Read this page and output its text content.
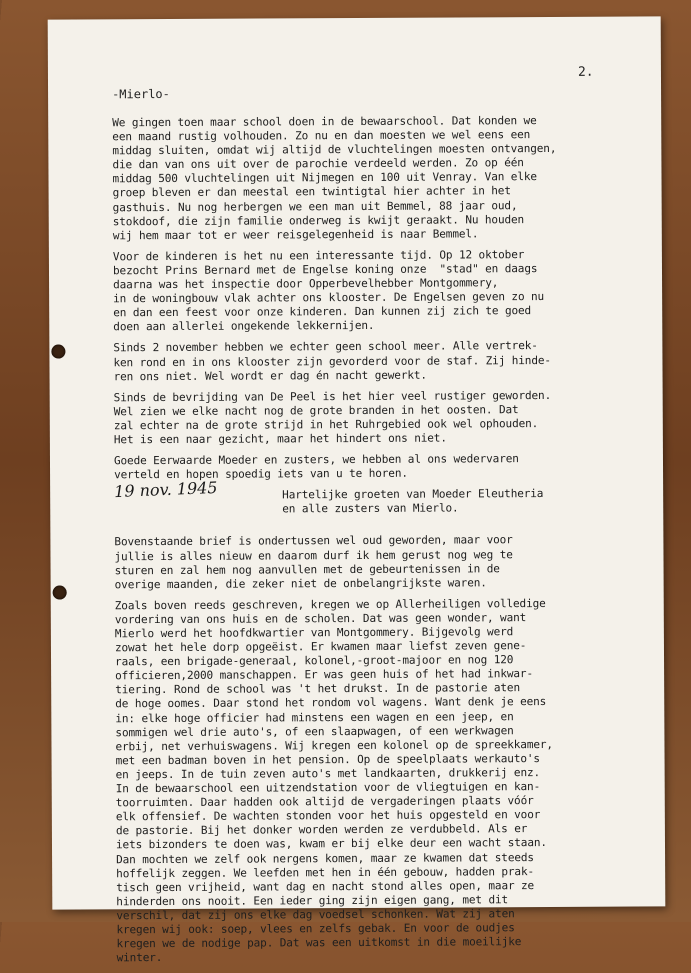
2.
-Mierlo-
We gingen toen maar school doen in de bewaarschool. Dat konden we
een maand rustig volhouden. Zo nu en dan moesten we wel eens een
middag sluiten, omdat wij altijd de vluchtelingen moesten ontvangen,
die dan van ons uit over de parochie verdeeld werden. Zo op één
middag 500 vluchtelingen uit Nijmegen en 100 uit Venray. Van elke
groep bleven er dan meestal een twintigtal hier achter in het
gasthuis. Nu nog herbergen we een man uit Bemmel, 88 jaar oud,
stokdoof, die zijn familie onderweg is kwijt geraakt. Nu houden
wij hem maar tot er weer reisgelegenheid is naar Bemmel.
Voor de kinderen is het nu een interessante tijd. Op 12 oktober
bezocht Prins Bernard met de Engelse koning onze  "stad" en daags
daarna was het inspectie door Opperbevelhebber Montgommery,
in de woningbouw vlak achter ons klooster. De Engelsen geven zo nu
en dan een feest voor onze kinderen. Dan kunnen zij zich te goed
doen aan allerlei ongekende lekkernijen.
Sinds 2 november hebben we echter geen school meer. Alle vertrek-
ken rond en in ons klooster zijn gevorderd voor de staf. Zij hinde-
ren ons niet. Wel wordt er dag én nacht gewerkt.
Sinds de bevrijding van De Peel is het hier veel rustiger geworden.
Wel zien we elke nacht nog de grote branden in het oosten. Dat
zal echter na de grote strijd in het Ruhrgebied ook wel ophouden.
Het is een naar gezicht, maar het hindert ons niet.
Goede Eerwaarde Moeder en zusters, we hebben al ons wedervaren
verteld en hopen spoedig iets van u te horen.
Hartelijke groeten van Moeder Eleutheria
en alle zusters van Mierlo.
Bovenstaande brief is ondertussen wel oud geworden, maar voor
jullie is alles nieuw en daarom durf ik hem gerust nog weg te
sturen en zal hem nog aanvullen met de gebeurtenissen in de
overige maanden, die zeker niet de onbelangrijkste waren.
Zoals boven reeds geschreven, kregen we op Allerheiligen volledige
vordering van ons huis en de scholen. Dat was geen wonder, want
Mierlo werd het hoofdkwartier van Montgommery. Bijgevolg werd
zowat het hele dorp opgeëist. Er kwamen maar liefst zeven gene-
raals, een brigade-generaal, kolonel,-groot-majoor en nog 120
officieren,2000 manschappen. Er was geen huis of het had inkwar-
tiering. Rond de school was 't het drukst. In de pastorie aten
de hoge oomes. Daar stond het rondom vol wagens. Want denk je eens
in: elke hoge officier had minstens een wagen en een jeep, en
sommigen wel drie auto's, of een slaapwagen, of een werkwagen
erbij, net verhuiswagens. Wij kregen een kolonel op de spreekkamer,
met een badman boven in het pension. Op de speelplaats werkauto's
en jeeps. In de tuin zeven auto's met landkaarten, drukkerij enz.
In de bewaarschool een uitzendstation voor de vliegtuigen en kan-
toorruimten. Daar hadden ook altijd de vergaderingen plaats vóór
elk offensief. De wachten stonden voor het huis opgesteld en voor
de pastorie. Bij het donker worden werden ze verdubbeld. Als er
iets bizonders te doen was, kwam er bij elke deur een wacht staan.
Dan mochten we zelf ook nergens komen, maar ze kwamen dat steeds
hoffelijk zeggen. We leefden met hen in één gebouw, hadden prak-
tisch geen vrijheid, want dag en nacht stond alles open, maar ze
hinderden ons nooit. Een ieder ging zijn eigen gang, met dit
verschil, dat zij ons elke dag voedsel schonken. Wat zij aten
kregen wij ook: soep, vlees en zelfs gebak. En voor de oudjes
kregen we de nodige pap. Dat was een uitkomst in die moeilijke
winter.
19 nov. 1945
